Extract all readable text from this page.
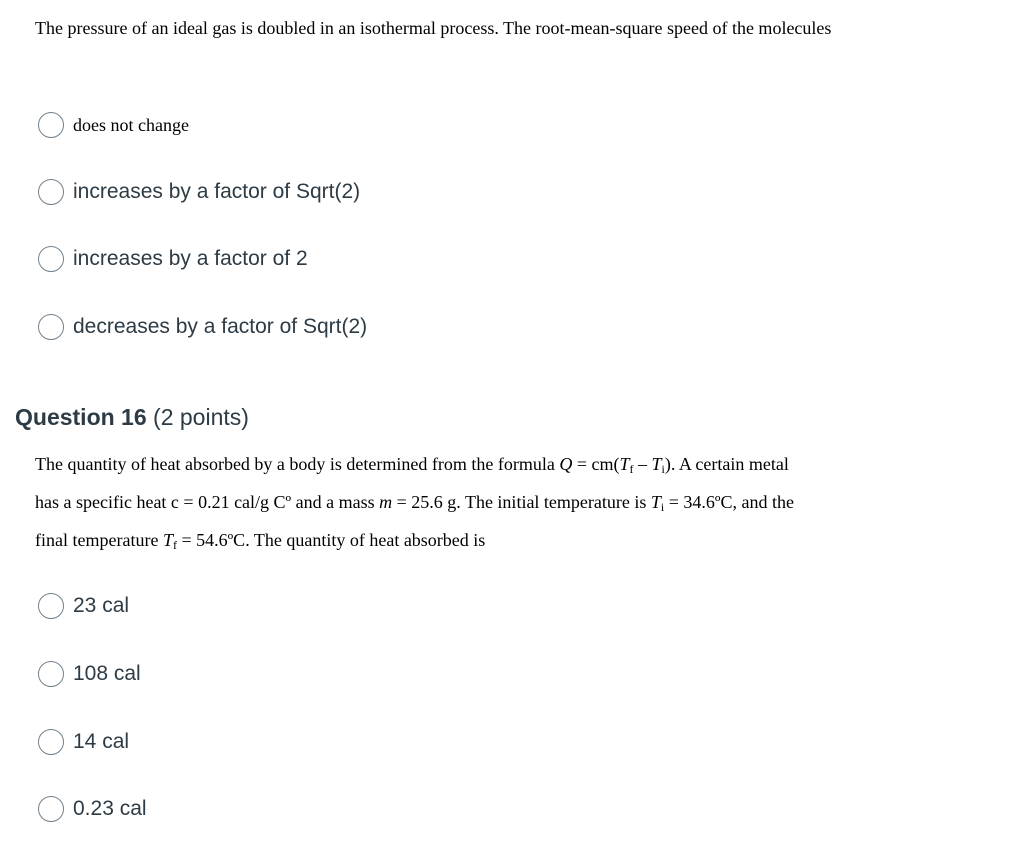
The pressure of an ideal gas is doubled in an isothermal process. The root-mean-square speed of the molecules
does not change
increases by a factor of Sqrt(2)
increases by a factor of 2
decreases by a factor of Sqrt(2)
Question 16 (2 points)
The quantity of heat absorbed by a body is determined from the formula $Q = cm(T_f - T_i)$. A certain metal
has a specific heat c = 0.21 cal/g Cº and a mass m = 25.6 g. The initial temperature is $T_i$ = 34.6ºC, and the
final temperature $T_f$ = 54.6ºC. The quantity of heat absorbed is
23 cal
108 cal
14 cal
0.23 cal
